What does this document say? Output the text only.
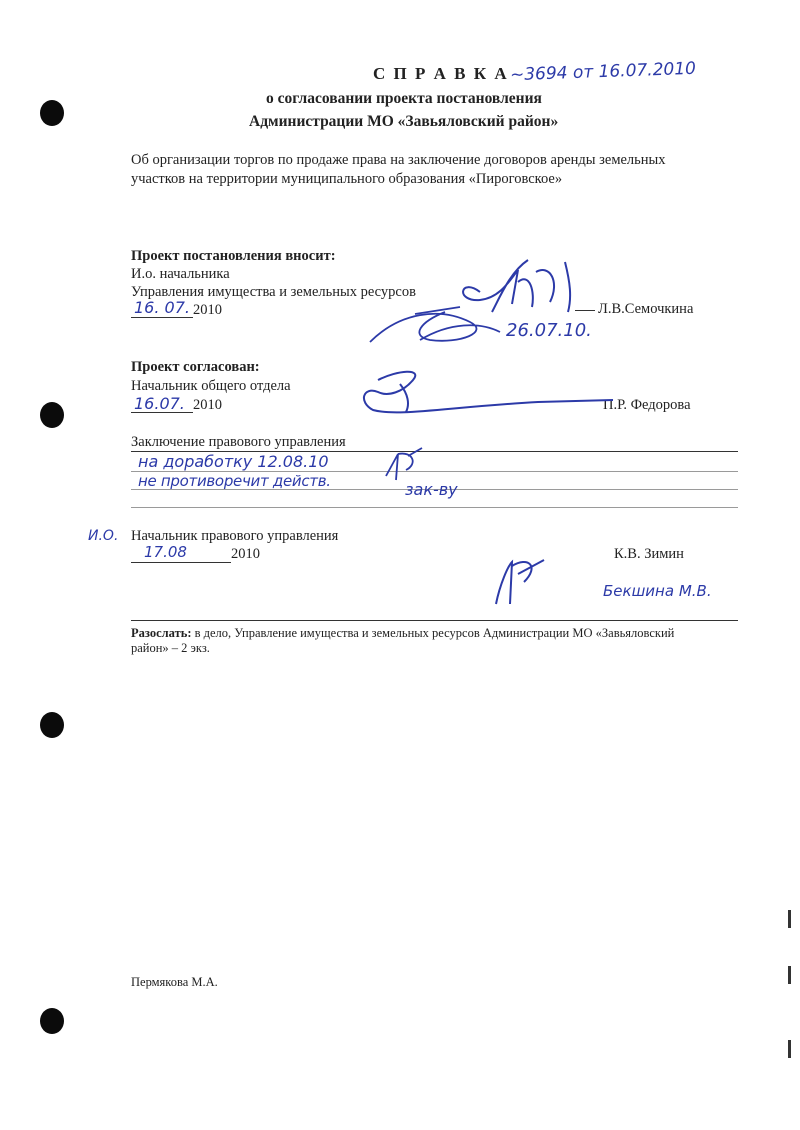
С П Р А В К А ~3694 от 16.07.2010
о согласовании проекта постановления
Администрации МО «Завьяловский район»
Об организации торгов по продаже права на заключение договоров аренды земельных
участков на территории муниципального образования «Пироговское»
Проект постановления вносит:
И.о. начальника
Управления имущества и земельных ресурсов
16. 07. 2010	Л.В.Семочкина
26.07.10.
Проект согласован:
Начальник общего отдела
16.07. 2010	П.Р. Федорова
Заключение правового управления
на доработку 12.08.10
не противоречит действ.	зак-ву
И.О. Начальник правового управления
17.08	2010	К.В. Зимин
Бекшина М.В.
Разослать: в дело, Управление имущества и земельных ресурсов Администрации МО «Завьяловский
район» – 2 экз.
Пермякова М.А.
